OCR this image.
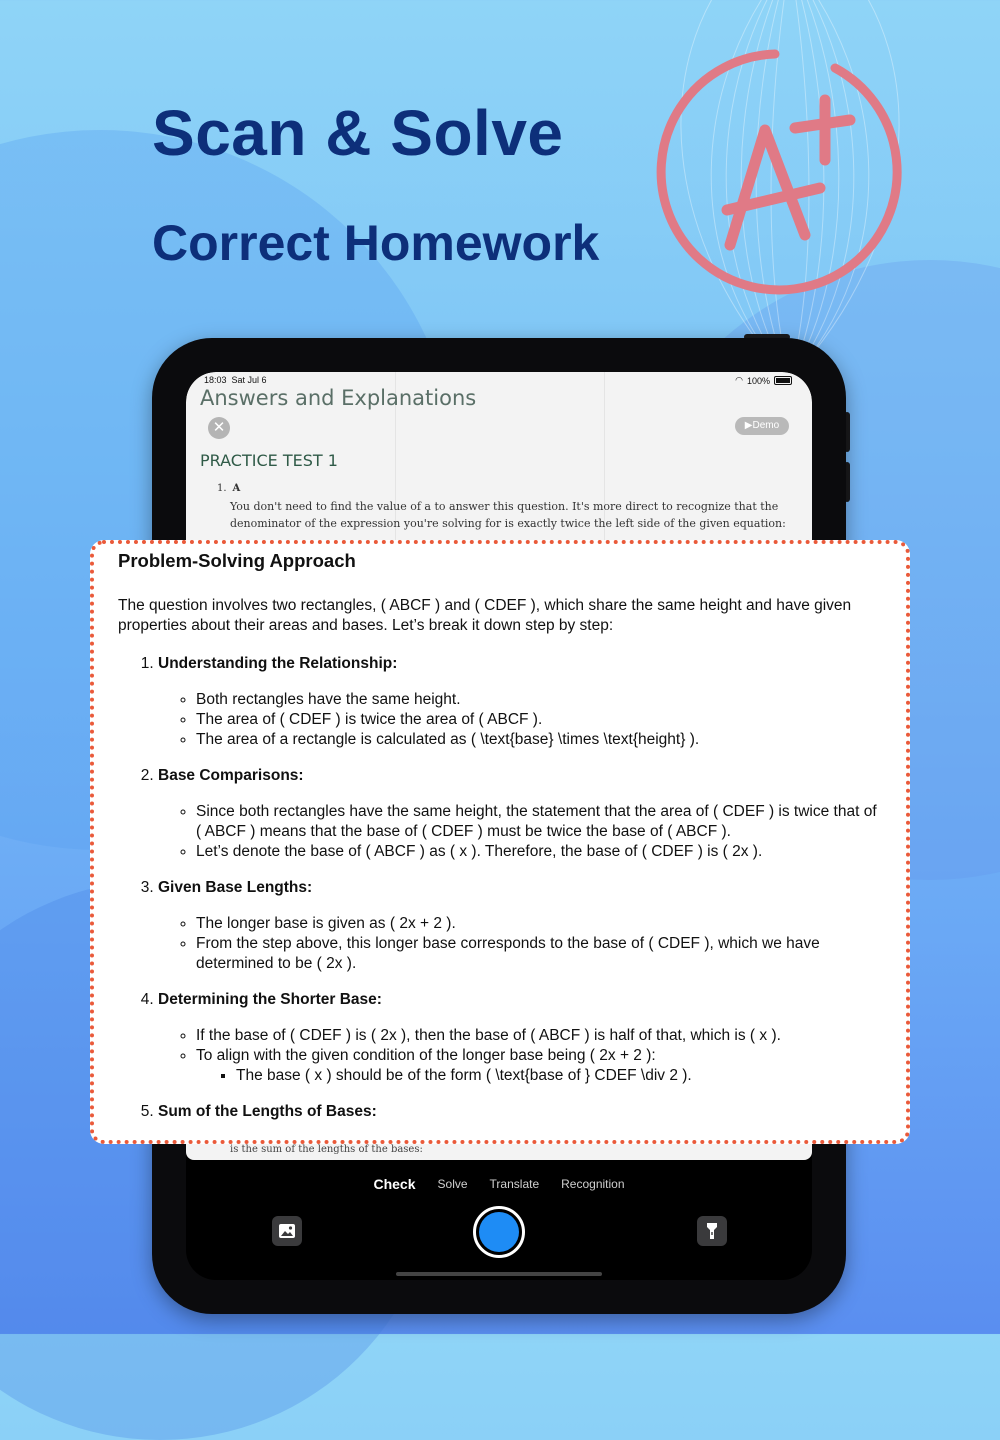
Scan & Solve
Correct Homework
18:03 Sat Jul 6	◠ 100%
Answers and Explanations
✕	▶Demo
PRACTICE TEST 1
1. A
You don't need to find the value of a to answer this question. It's more direct to recognize that the denominator of the expression you're solving for is exactly twice the left side of the given equation:
is the sum of the lengths of the bases:
Check Solve Translate Recognition
Problem-Solving Approach

The question involves two rectangles, ( ABCF ) and ( CDEF ), which share the same height and have given properties about their areas and bases. Let’s break it down step by step:

1. Understanding the Relationship:
◦ Both rectangles have the same height.
◦ The area of ( CDEF ) is twice the area of ( ABCF ).
◦ The area of a rectangle is calculated as ( \text{base} \times \text{height} ).
2. Base Comparisons:
◦ Since both rectangles have the same height, the statement that the area of ( CDEF ) is twice that of ( ABCF ) means that the base of ( CDEF ) must be twice the base of ( ABCF ).
◦ Let’s denote the base of ( ABCF ) as ( x ). Therefore, the base of ( CDEF ) is ( 2x ).
3. Given Base Lengths:
◦ The longer base is given as ( 2x + 2 ).
◦ From the step above, this longer base corresponds to the base of ( CDEF ), which we have determined to be ( 2x ).
4. Determining the Shorter Base:
◦ If the base of ( CDEF ) is ( 2x ), then the base of ( ABCF ) is half of that, which is ( x ).
◦ To align with the given condition of the longer base being ( 2x + 2 ):
▪ The base ( x ) should be of the form ( \text{base of } CDEF \div 2 ).
5. Sum of the Lengths of Bases:
◦
